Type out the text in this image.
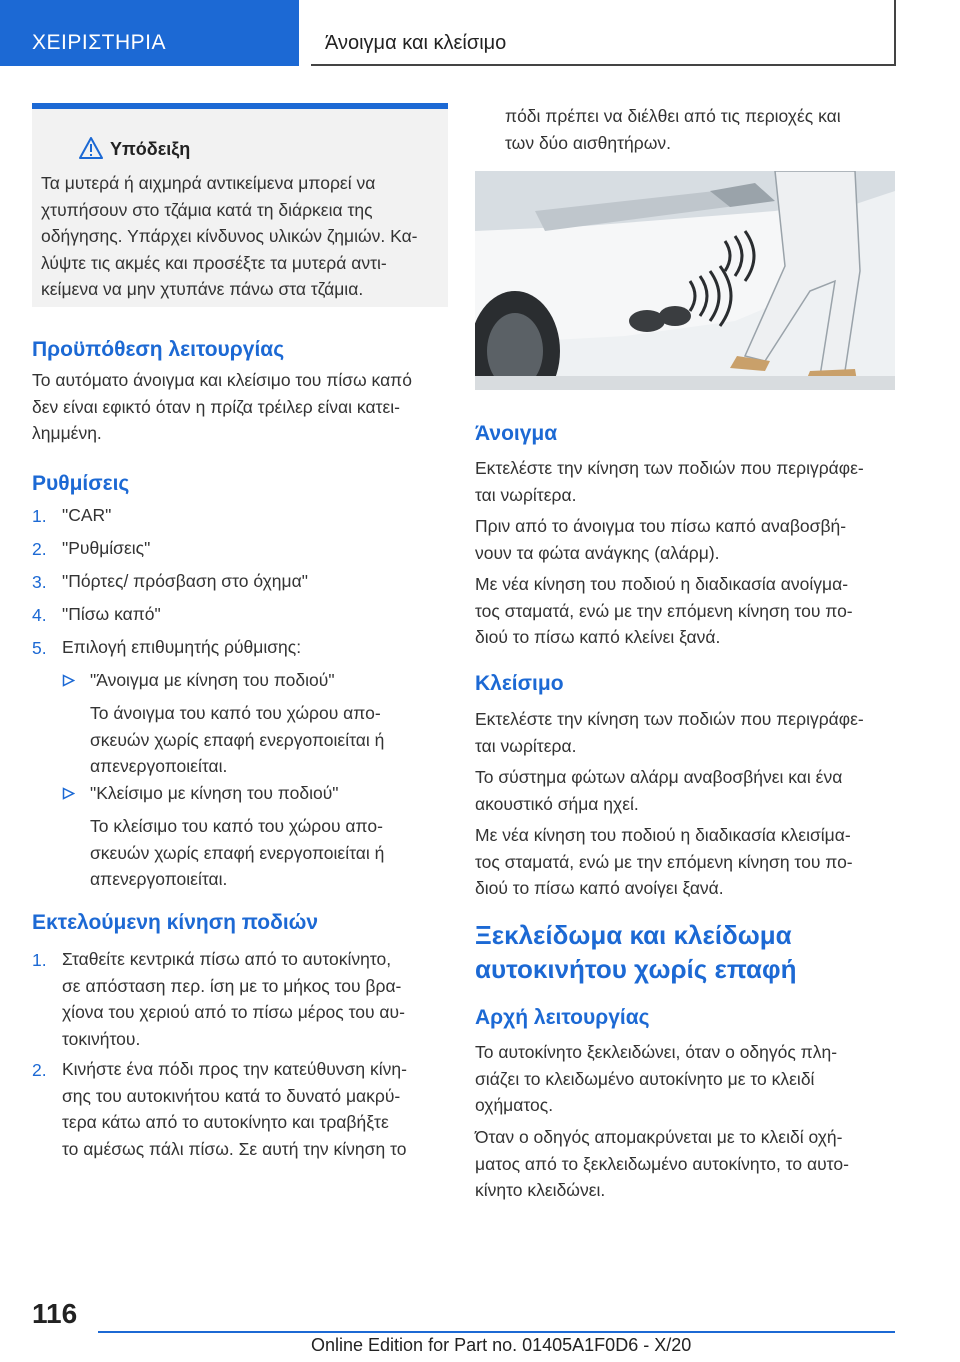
ΧΕΙΡΙΣΤΗΡΙΑ	Άνοιγμα και κλείσιμο
Υπόδειξη
Τα μυτερά ή αιχμηρά αντικείμενα μπορεί να
χτυπήσουν στο τζάμια κατά τη διάρκεια της
οδήγησης. Υπάρχει κίνδυνος υλικών ζημιών. Κα-
λύψτε τις ακμές και προσέξτε τα μυτερά αντι-
κείμενα να μην χτυπάνε πάνω στα τζάμια.
Προϋπόθεση λειτουργίας
Το αυτόματο άνοιγμα και κλείσιμο του πίσω καπό
δεν είναι εφικτό όταν η πρίζα τρέιλερ είναι κατει-
λημμένη.
Ρυθμίσεις
1. "CAR"
2. "Ρυθμίσεις"
3. "Πόρτες/ πρόσβαση στο όχημα"
4. "Πίσω καπό"
5. Επιλογή επιθυμητής ρύθμισης:
"Άνοιγμα με κίνηση του ποδιού"
Το άνοιγμα του καπό του χώρου απο-
σκευών χωρίς επαφή ενεργοποιείται ή
απενεργοποιείται.
"Κλείσιμο με κίνηση του ποδιού"
Το κλείσιμο του καπό του χώρου απο-
σκευών χωρίς επαφή ενεργοποιείται ή
απενεργοποιείται.
Εκτελούμενη κίνηση ποδιών
1. Σταθείτε κεντρικά πίσω από το αυτοκίνητο,
σε απόσταση περ. ίση με το μήκος του βρα-
χίονα του χεριού από το πίσω μέρος του αυ-
τοκινήτου.
2. Κινήστε ένα πόδι προς την κατεύθυνση κίνη-
σης του αυτοκινήτου κατά το δυνατό μακρύ-
τερα κάτω από το αυτοκίνητο και τραβήξτε
το αμέσως πάλι πίσω. Σε αυτή την κίνηση το
πόδι πρέπει να διέλθει από τις περιοχές και
των δύο αισθητήρων.
Άνοιγμα
Εκτελέστε την κίνηση των ποδιών που περιγράφε-
ται νωρίτερα.
Πριν από το άνοιγμα του πίσω καπό αναβοσβή-
νουν τα φώτα ανάγκης (αλάρμ).
Με νέα κίνηση του ποδιού η διαδικασία ανοίγμα-
τος σταματά, ενώ με την επόμενη κίνηση του πο-
διού το πίσω καπό κλείνει ξανά.
Κλείσιμο
Εκτελέστε την κίνηση των ποδιών που περιγράφε-
ται νωρίτερα.
Το σύστημα φώτων αλάρμ αναβοσβήνει και ένα
ακουστικό σήμα ηχεί.
Με νέα κίνηση του ποδιού η διαδικασία κλεισίμα-
τος σταματά, ενώ με την επόμενη κίνηση του πο-
διού το πίσω καπό ανοίγει ξανά.
Ξεκλείδωμα και κλείδωμα
αυτοκινήτου χωρίς επαφή
Αρχή λειτουργίας
Το αυτοκίνητο ξεκλειδώνει, όταν ο οδηγός πλη-
σιάζει το κλειδωμένο αυτοκίνητο με το κλειδί
οχήματος.
Όταν ο οδηγός απομακρύνεται με το κλειδί οχή-
ματος από το ξεκλειδωμένο αυτοκίνητο, το αυτο-
κίνητο κλειδώνει.
116
Online Edition for Part no. 01405A1F0D6 - X/20
